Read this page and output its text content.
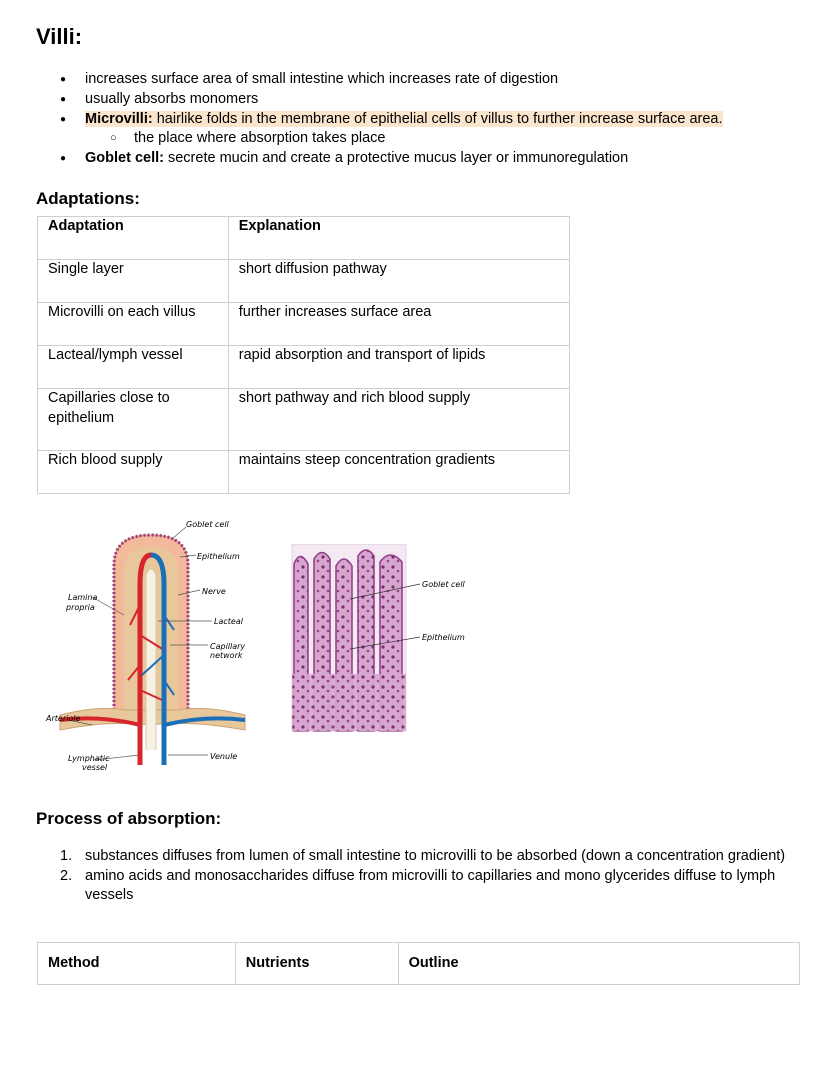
Villi:
● increases surface area of small intestine which increases rate of digestion
● usually absorbs monomers
● Microvilli: hairlike folds in the membrane of epithelial cells of villus to further increase surface area.
○ the place where absorption takes place
● Goblet cell: secrete mucin and create a protective mucus layer or immunoregulation
Adaptations:
Adaptation	Explanation
Single layer	short diffusion pathway
Microvilli on each villus	further increases surface area
Lacteal/lymph vessel	rapid absorption and transport of lipids
Capillaries close to epithelium	short pathway and rich blood supply
Rich blood supply	maintains steep concentration gradients
Goblet cell
Epithelium
Nerve
Lacteal
Capillary
network
Lamina
propria
Arteriole
Lymphatic
vessel
Venule
Goblet cell
Epithelium
Process of absorption:
1. substances diffuses from lumen of small intestine to microvilli to be absorbed (down a concentration gradient)
2. amino acids and monosaccharides diffuse from microvilli to capillaries and mono glycerides diffuse to lymph vessels
Method	Nutrients	Outline
